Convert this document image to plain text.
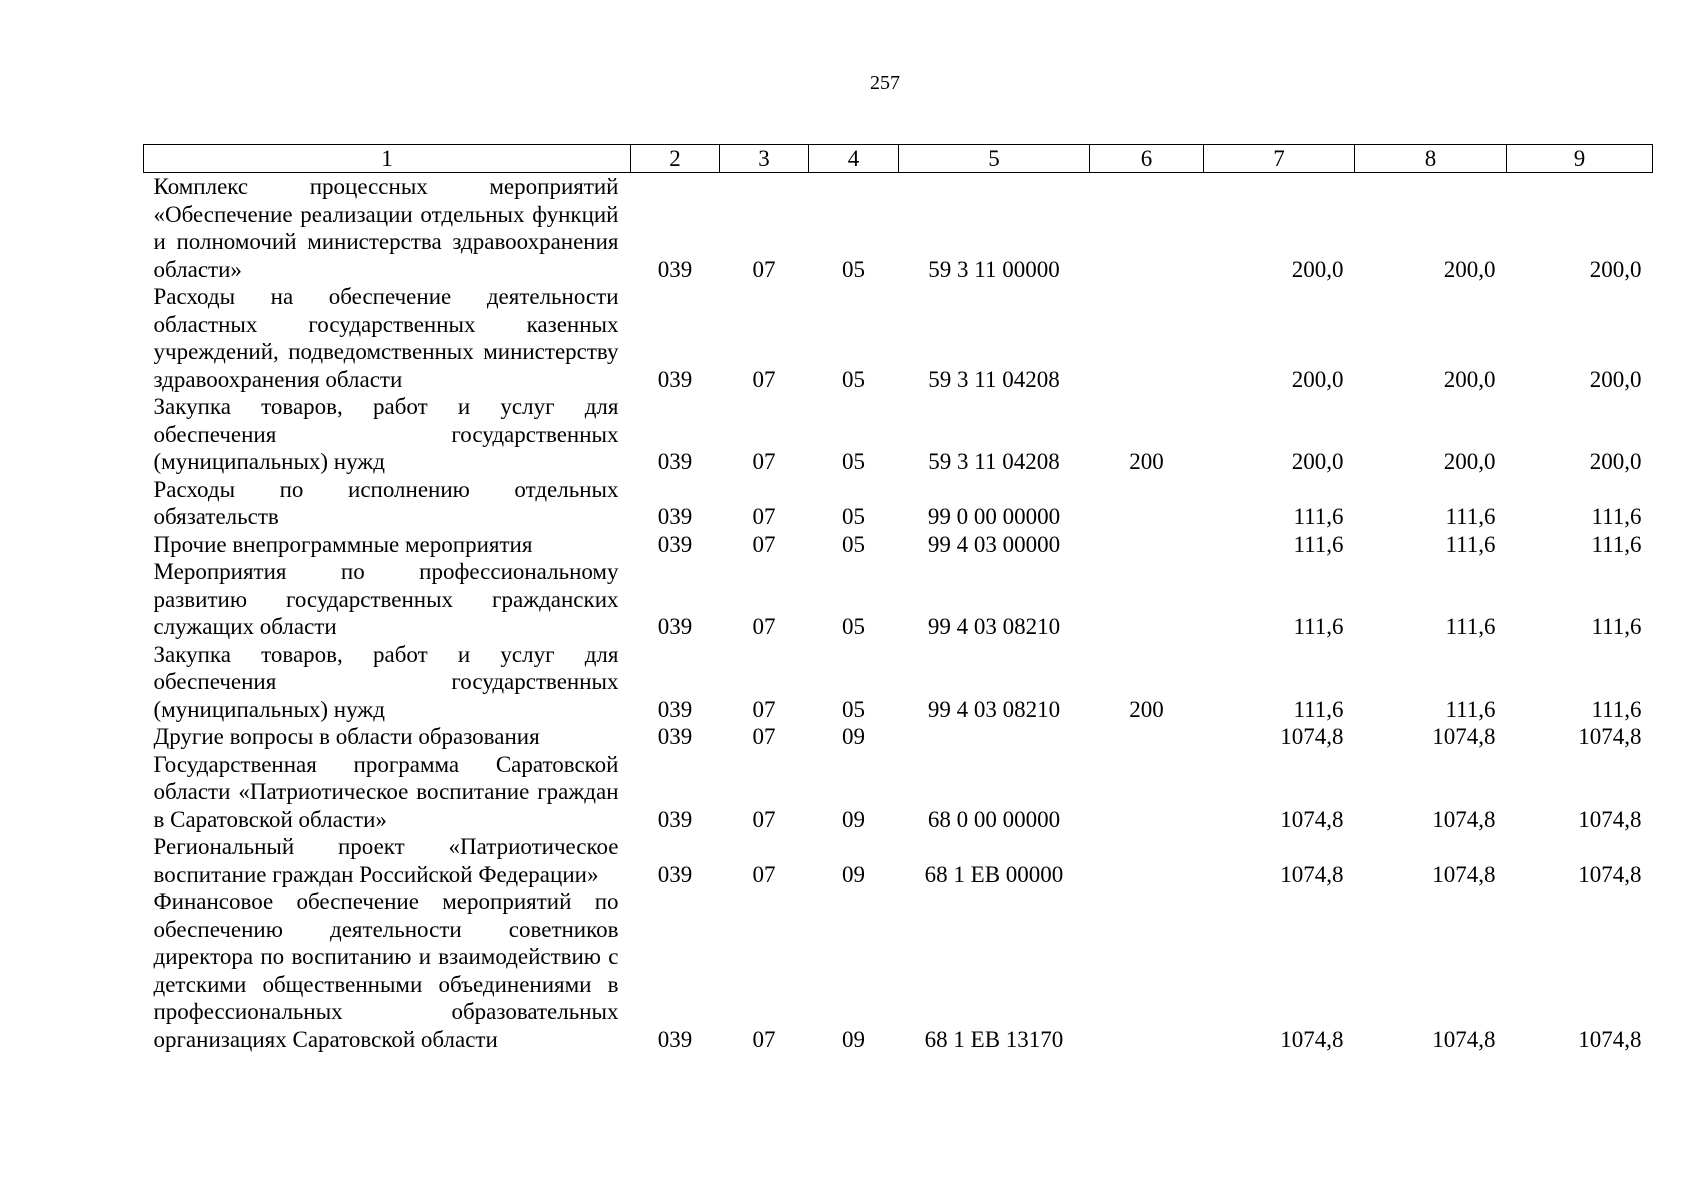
257
1	2	3	4	5	6	7	8	9
Комплекс процессных мероприятий «Обеспечение реализации отдельных функций и полномочий министерства здравоохранения области»	039	07	05	59 3 11 00000		200,0	200,0	200,0
Расходы на обеспечение деятельности областных государственных казенных учреждений, подведомственных министерству здравоохранения области	039	07	05	59 3 11 04208		200,0	200,0	200,0
Закупка товаров, работ и услуг для обеспечения государственных (муниципальных) нужд	039	07	05	59 3 11 04208	200	200,0	200,0	200,0
Расходы по исполнению отдельных обязательств	039	07	05	99 0 00 00000		111,6	111,6	111,6
Прочие внепрограммные мероприятия	039	07	05	99 4 03 00000		111,6	111,6	111,6
Мероприятия по профессиональному развитию государственных гражданских служащих области	039	07	05	99 4 03 08210		111,6	111,6	111,6
Закупка товаров, работ и услуг для обеспечения государственных (муниципальных) нужд	039	07	05	99 4 03 08210	200	111,6	111,6	111,6
Другие вопросы в области образования	039	07	09			1074,8	1074,8	1074,8
Государственная программа Саратовской области «Патриотическое воспитание граждан в Саратовской области»	039	07	09	68 0 00 00000		1074,8	1074,8	1074,8
Региональный проект «Патриотическое воспитание граждан Российской Федерации»	039	07	09	68 1 ЕВ 00000		1074,8	1074,8	1074,8
Финансовое обеспечение мероприятий по обеспечению деятельности советников директора по воспитанию и взаимодействию с детскими общественными объединениями в профессиональных образовательных организациях Саратовской области	039	07	09	68 1 ЕВ 13170		1074,8	1074,8	1074,8
